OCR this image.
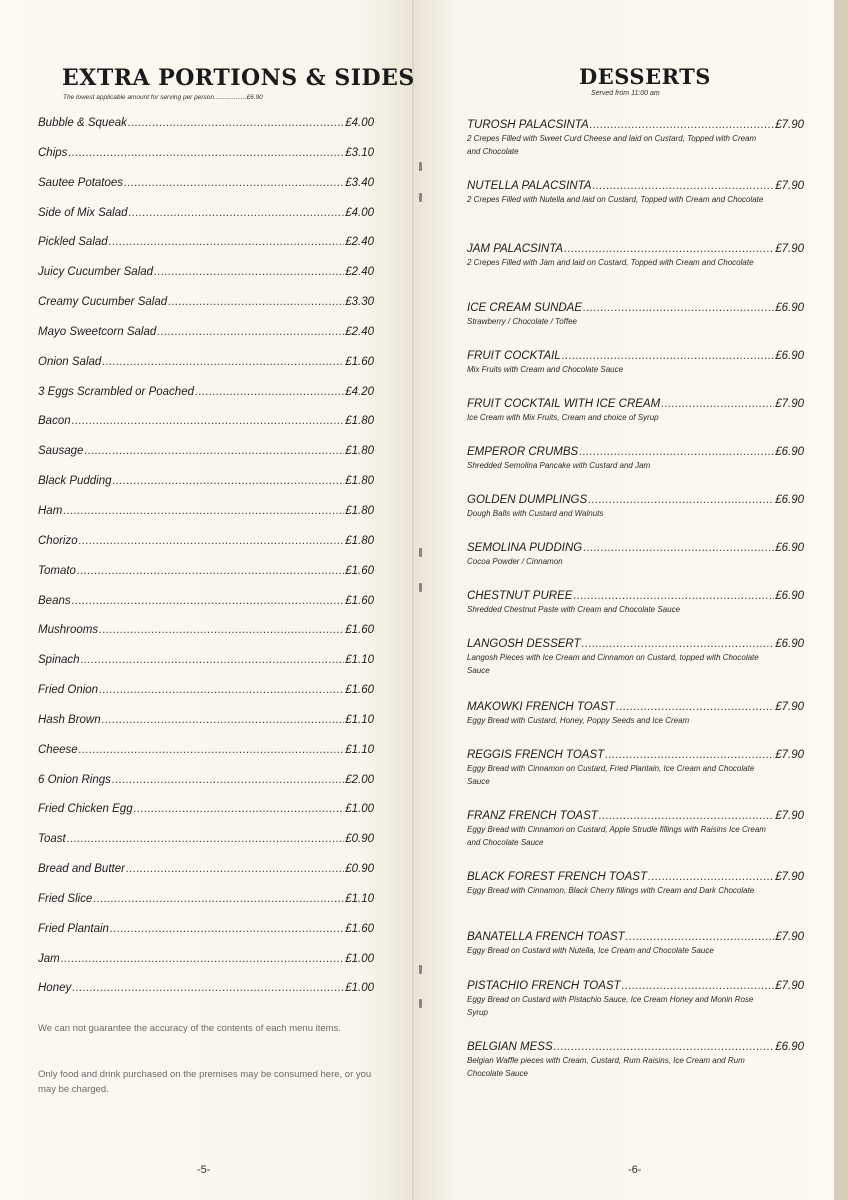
EXTRA PORTIONS & SIDES
The lowest applicable amount for serving per person..................£6.90
Bubble & Squeak .....	£4.00
Chips .....	£3.10
Sautee Potatoes .....	£3.40
Side of Mix Salad .....	£4.00
Pickled Salad .....	£2.40
Juicy Cucumber Salad .....	£2.40
Creamy Cucumber Salad .....	£3.30
Mayo Sweetcorn Salad .....	£2.40
Onion Salad .....	£1.60
3 Eggs Scrambled or Poached .....	£4.20
Bacon .....	£1.80
Sausage .....	£1.80
Black Pudding .....	£1.80
Ham .....	£1.80
Chorizo .....	£1.80
Tomato .....	£1.60
Beans .....	£1.60
Mushrooms .....	£1.60
Spinach .....	£1.10
Fried Onion .....	£1.60
Hash Brown .....	£1.10
Cheese .....	£1.10
6 Onion Rings .....	£2.00
Fried Chicken Egg .....	£1.00
Toast .....	£0.90
Bread and Butter .....	£0.90
Fried Slice .....	£1.10
Fried Plantain .....	£1.60
Jam .....	£1.00
Honey .....	£1.00
We can not guarantee the accuracy of the contents of each menu items.
Only food and drink purchased on the premises may be consumed here, or you may be charged.
-5-
DESSERTS
Served from 11:00 am
TUROSH PALACSINTA .....	£7.90
2 Crepes Filled with Sweet Curd Cheese and laid on Custard, Topped with Cream and Chocolate
NUTELLA PALACSINTA .....	£7.90
2 Crepes Filled with Nutella and laid on Custard, Topped with Cream and Chocolate
JAM PALACSINTA .....	£7.90
2 Crepes Filled with Jam and laid on Custard, Topped with Cream and Chocolate
ICE CREAM SUNDAE .....	£6.90
Strawberry / Chocolate / Toffee
FRUIT COCKTAIL .....	£6.90
Mix Fruits with Cream and Chocolate Sauce
FRUIT COCKTAIL WITH ICE CREAM .....	£7.90
Ice Cream with Mix Fruits, Cream and choice of Syrup
EMPEROR CRUMBS .....	£6.90
Shredded Semolina Pancake with Custard and Jam
GOLDEN DUMPLINGS .....	£6.90
Dough Balls with Custard and Walnuts
SEMOLINA PUDDING .....	£6.90
Cocoa Powder / Cinnamon
CHESTNUT PUREE .....	£6.90
Shredded Chestnut Paste with Cream and Chocolate Sauce
LANGOSH DESSERT .....	£6.90
Langosh Pieces with Ice Cream and Cinnamon on Custard, topped with Chocolate Sauce
MAKOWKI FRENCH TOAST .....	£7.90
Eggy Bread with Custard, Honey, Poppy Seeds and Ice Cream
REGGIS FRENCH TOAST .....	£7.90
Eggy Bread with Cinnamon on Custard, Fried Plantain, Ice Cream and Chocolate Sauce
FRANZ FRENCH TOAST .....	£7.90
Eggy Bread with Cinnamon on Custard, Apple Strudle fillings with Raisins Ice Cream and Chocolate Sauce
BLACK FOREST FRENCH TOAST .....	£7.90
Eggy Bread with Cinnamon, Black Cherry fillings with Cream and Dark Chocolate
BANATELLA FRENCH TOAST .....	£7.90
Eggy Bread on Custard with Nutella, Ice Cream and Chocolate Sauce
PISTACHIO FRENCH TOAST .....	£7.90
Eggy Bread on Custard with Pistachio Sauce, Ice Cream Honey and Monin Rose Syrup
BELGIAN MESS .....	£6.90
Belgian Waffle pieces with Cream, Custard, Rum Raisins, Ice Cream and Rum Chocolate Sauce
-6-
